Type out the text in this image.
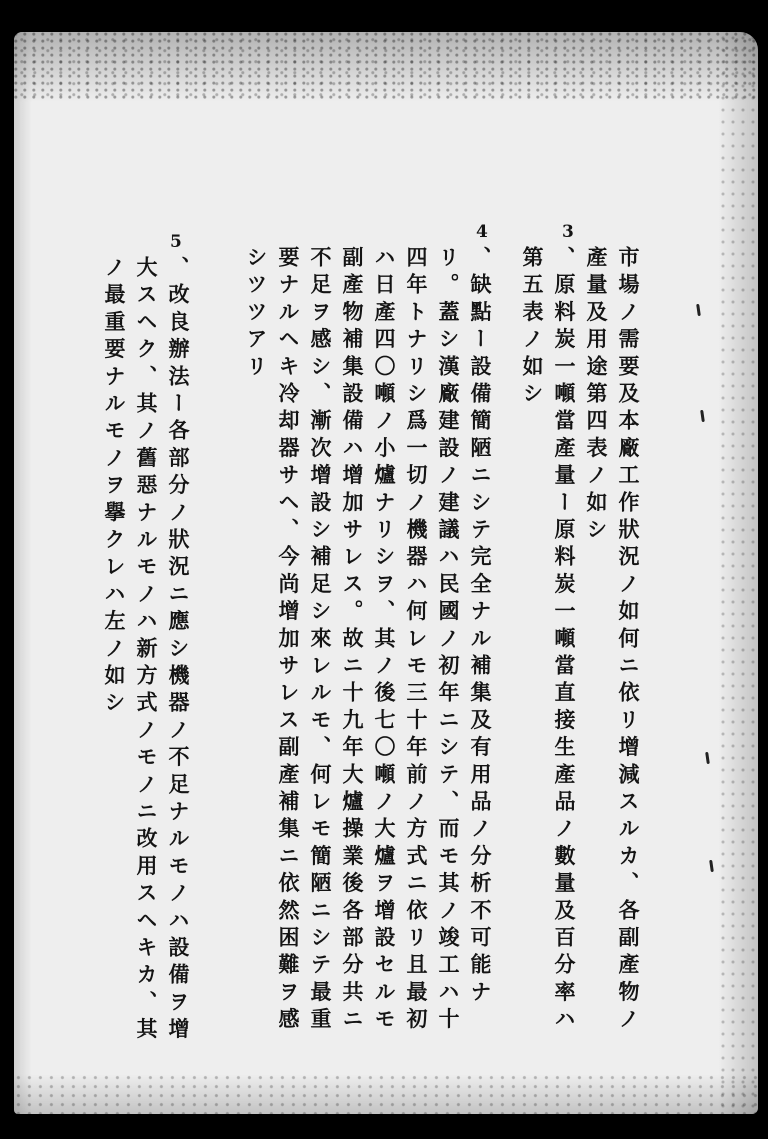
3
4
5
市場ノ需要及本廠工作狀況ノ如何ニ依リ增減スルカ、各副產物ノ
產量及用途第四表ノ如シ
、原料炭一噸當產量ー原料炭一噸當直接生產品ノ數量及百分率ハ
第五表ノ如シ
、缺點ー設備簡陋ニシテ完全ナル補集及有用品ノ分析不可能ナ
リ。蓋シ漢廠建設ノ建議ハ民國ノ初年ニシテ、而モ其ノ竣工ハ十
四年トナリシ爲一切ノ機器ハ何レモ三十年前ノ方式ニ依リ且最初
ハ日產四〇噸ノ小爐ナリシヲ、其ノ後七〇噸ノ大爐ヲ增設セルモ
副產物補集設備ハ增加サレス。故ニ十九年大爐操業後各部分共ニ
不足ヲ感シ、漸次增設シ補足シ來レルモ、何レモ簡陋ニシテ最重
要ナルヘキ冷却器サヘ、今尚增加サレス副產補集ニ依然困難ヲ感
シツツアリ
、改良辦法ー各部分ノ狀況ニ應シ機器ノ不足ナルモノハ設備ヲ增
大スヘク、其ノ舊惡ナルモノハ新方式ノモノニ改用スヘキカ、其
ノ最重要ナルモノヲ擧クレハ左ノ如シ
